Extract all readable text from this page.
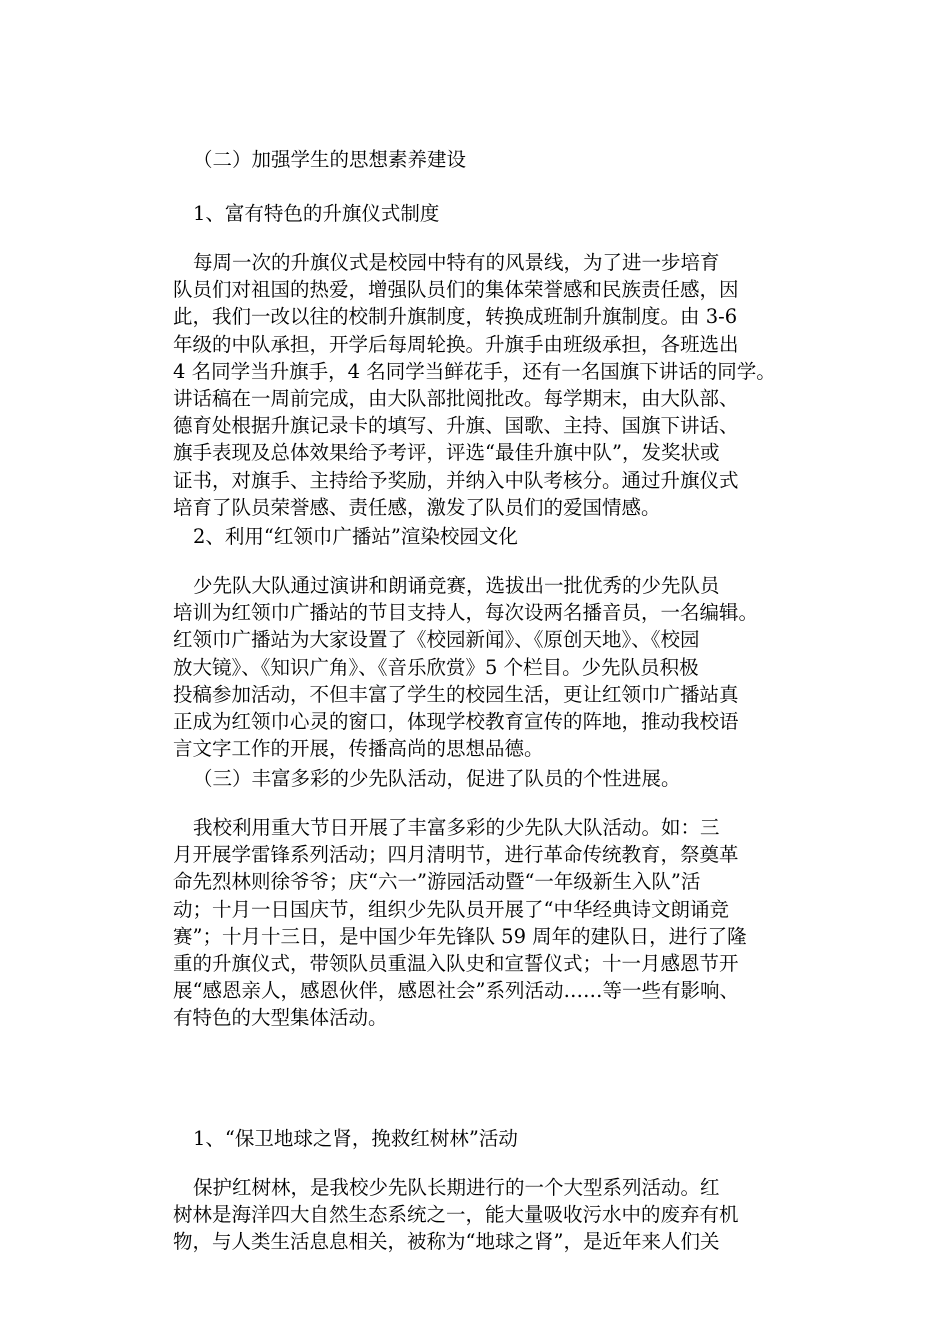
（二）加强学生的思想素养建设
1、富有特色的升旗仪式制度
每周一次的升旗仪式是校园中特有的风景线，为了进一步培育
队员们对祖国的热爱，增强队员们的集体荣誉感和民族责任感，因
此，我们一改以往的校制升旗制度，转换成班制升旗制度。由 3-6
年级的中队承担，开学后每周轮换。升旗手由班级承担，各班选出
4 名同学当升旗手，4 名同学当鲜花手，还有一名国旗下讲话的同学。
讲话稿在一周前完成，由大队部批阅批改。每学期末，由大队部、
德育处根据升旗记录卡的填写、升旗、国歌、主持、国旗下讲话、
旗手表现及总体效果给予考评，评选“最佳升旗中队”，发奖状或
证书，对旗手、主持给予奖励，并纳入中队考核分。通过升旗仪式
培育了队员荣誉感、责任感，激发了队员们的爱国情感。
2、利用“红领巾广播站”渲染校园文化
少先队大队通过演讲和朗诵竞赛，选拔出一批优秀的少先队员
培训为红领巾广播站的节目支持人，每次设两名播音员，一名编辑。
红领巾广播站为大家设置了《校园新闻》、《原创天地》、《校园
放大镜》、《知识广角》、《音乐欣赏》5 个栏目。少先队员积极
投稿参加活动，不但丰富了学生的校园生活，更让红领巾广播站真
正成为红领巾心灵的窗口，体现学校教育宣传的阵地，推动我校语
言文字工作的开展，传播高尚的思想品德。
（三）丰富多彩的少先队活动，促进了队员的个性进展。
我校利用重大节日开展了丰富多彩的少先队大队活动。如：三
月开展学雷锋系列活动；四月清明节，进行革命传统教育，祭奠革
命先烈林则徐爷爷；庆“六一”游园活动暨“一年级新生入队”活
动；十月一日国庆节，组织少先队员开展了“中华经典诗文朗诵竞
赛”；十月十三日，是中国少年先锋队 59 周年的建队日，进行了隆
重的升旗仪式，带领队员重温入队史和宣誓仪式；十一月感恩节开
展“感恩亲人，感恩伙伴，感恩社会”系列活动……等一些有影响、
有特色的大型集体活动。
1、“保卫地球之肾，挽救红树林”活动
保护红树林，是我校少先队长期进行的一个大型系列活动。红
树林是海洋四大自然生态系统之一，能大量吸收污水中的废弃有机
物，与人类生活息息相关，被称为“地球之肾”，是近年来人们关
